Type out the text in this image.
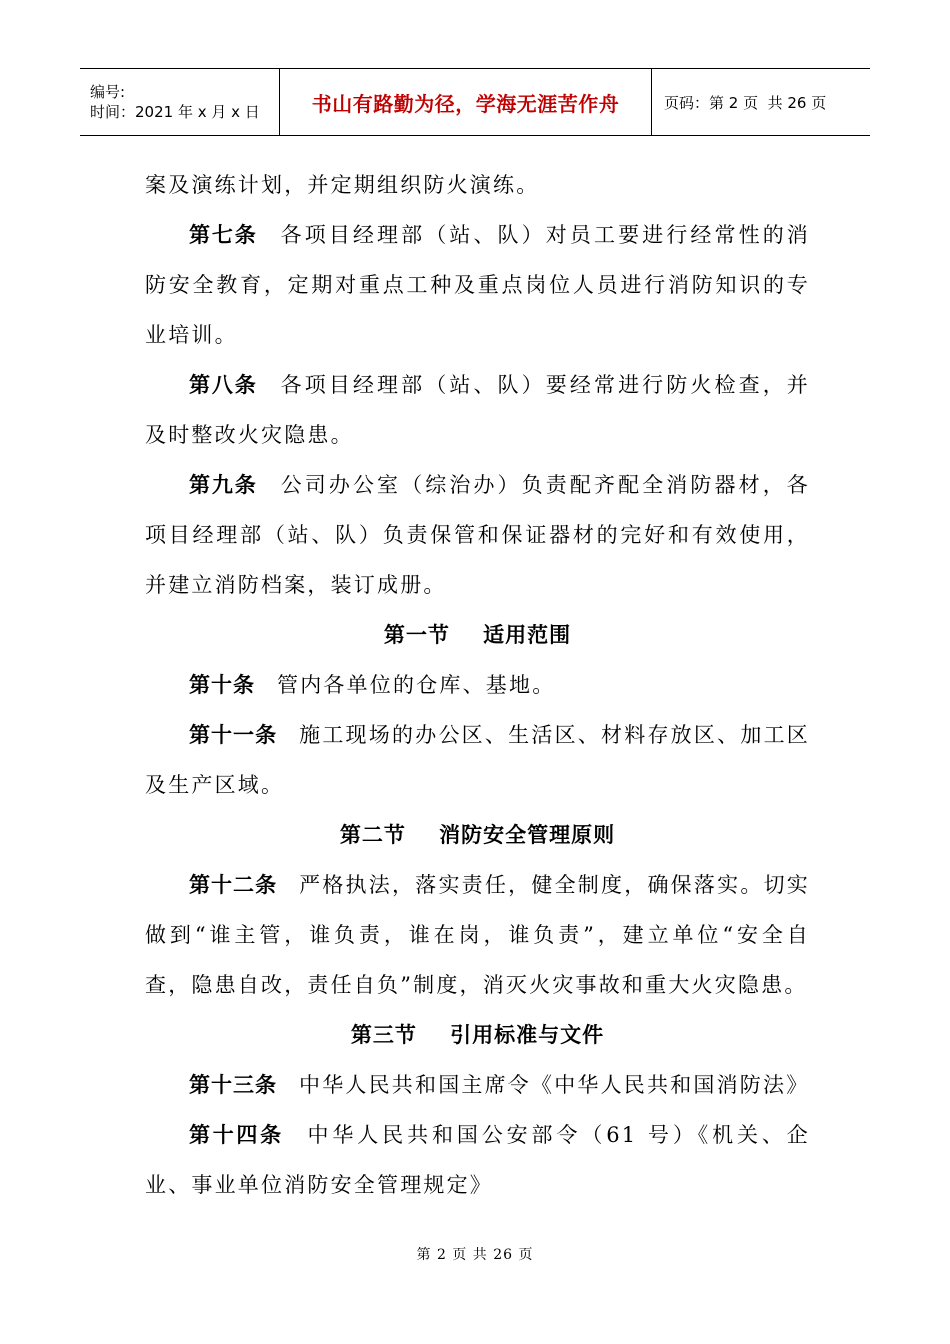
编号:
时间：2021 年 x 月 x 日	书山有路勤为径，学海无涯苦作舟	页码：第 2 页  共 26 页

案及演练计划，并定期组织防火演练。

第七条 各项目经理部（站、队）对员工要进行经常性的消防安全教育，定期对重点工种及重点岗位人员进行消防知识的专业培训。

第八条 各项目经理部（站、队）要经常进行防火检查，并及时整改火灾隐患。

第九条 公司办公室（综治办）负责配齐配全消防器材，各项目经理部（站、队）负责保管和保证器材的完好和有效使用，并建立消防档案，装订成册。

第一节    适用范围

第十条 管内各单位的仓库、基地。

第十一条 施工现场的办公区、生活区、材料存放区、加工区及生产区域。

第二节    消防安全管理原则

第十二条 严格执法，落实责任，健全制度，确保落实。切实做到“谁主管，谁负责，谁在岗，谁负责”，建立单位“安全自查，隐患自改，责任自负”制度，消灭火灾事故和重大火灾隐患。

第三节    引用标准与文件

第十三条 中华人民共和国主席令《中华人民共和国消防法》

第十四条 中华人民共和国公安部令（61 号）《机关、企业、事业单位消防安全管理规定》

第 2 页 共 26 页
